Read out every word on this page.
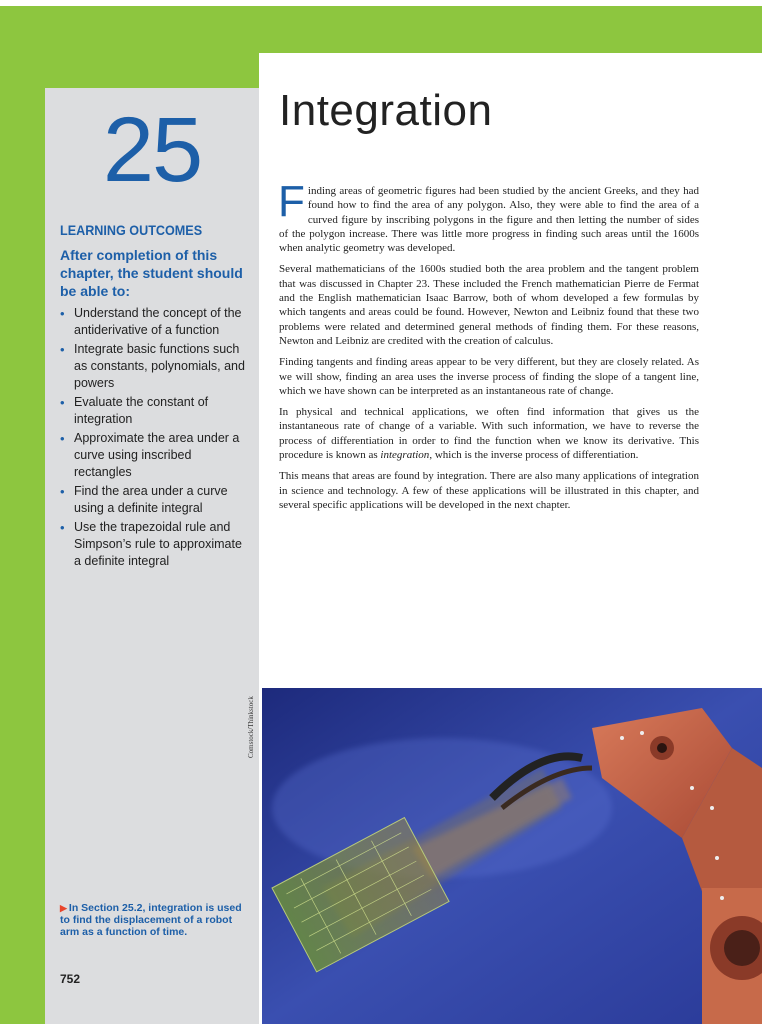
25
LEARNING OUTCOMES
After completion of this chapter, the student should be able to:
• Understand the concept of the antiderivative of a function
• Integrate basic functions such as constants, polynomials, and powers
• Evaluate the constant of integration
• Approximate the area under a curve using inscribed rectangles
• Find the area under a curve using a definite integral
• Use the trapezoidal rule and Simpson’s rule to approximate a definite integral
▶ In Section 25.2, integration is used to find the displacement of a robot arm as a function of time.
752
Comstock/Thinkstock
Integration

Finding areas of geometric figures had been studied by the ancient Greeks, and they had found how to find the area of any polygon. Also, they were able to find the area of a curved figure by inscribing polygons in the figure and then letting the number of sides of the polygon increase. There was little more progress in finding such areas until the 1600s when analytic geometry was developed.

Several mathematicians of the 1600s studied both the area problem and the tangent problem that was discussed in Chapter 23. These included the French mathematician Pierre de Fermat and the English mathematician Isaac Barrow, both of whom developed a few formulas by which tangents and areas could be found. However, Newton and Leibniz found that these two problems were related and determined general methods of finding them. For these reasons, Newton and Leibniz are credited with the creation of calculus.

Finding tangents and finding areas appear to be very different, but they are closely related. As we will show, finding an area uses the inverse process of finding the slope of a tangent line, which we have shown can be interpreted as an instantaneous rate of change.

In physical and technical applications, we often find information that gives us the instantaneous rate of change of a variable. With such information, we have to reverse the process of differentiation in order to find the function when we know its derivative. This procedure is known as integration, which is the inverse process of differentiation.

This means that areas are found by integration. There are also many applications of integration in science and technology. A few of these applications will be illustrated in this chapter, and several specific applications will be developed in the next chapter.
